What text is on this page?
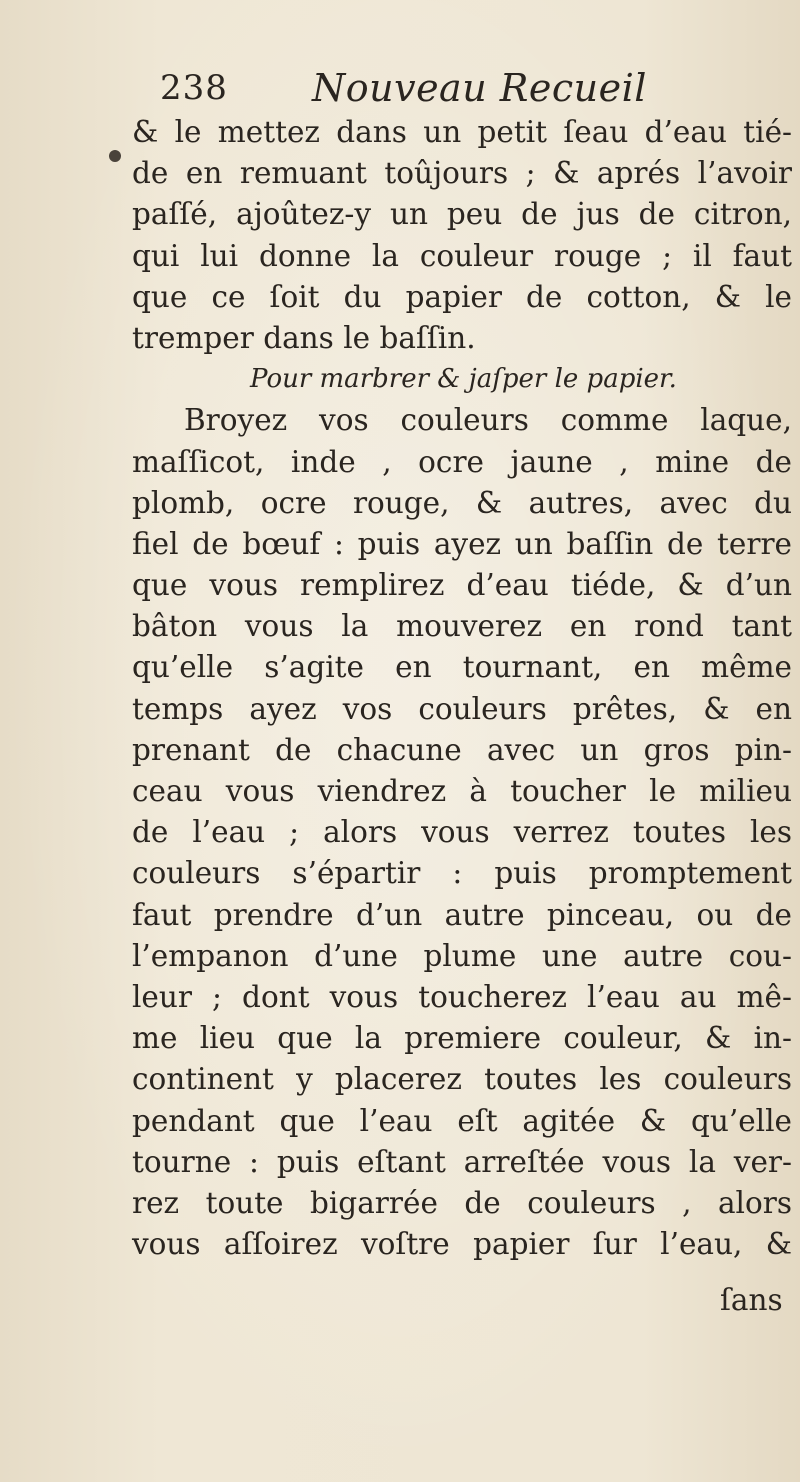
238 Nouveau Recueil
& le mettez dans un petit ſeau d’eau tié-
de en remuant toûjours ; & aprés l’avoir
paſſé, ajoûtez-y un peu de jus de citron,
qui lui donne la couleur rouge ; il faut
que ce ſoit du papier de cotton, & le
tremper dans le baſſin.
Pour marbrer & jaſper le papier.
Broyez vos couleurs comme laque,
maſſicot, inde , ocre jaune , mine de
plomb, ocre rouge, & autres, avec du
fiel de bœuf : puis ayez un baſſin de terre
que vous remplirez d’eau tiéde, & d’un
bâton vous la mouverez en rond tant
qu’elle s’agite en tournant, en même
temps ayez vos couleurs prêtes, & en
prenant de chacune avec un gros pin-
ceau vous viendrez à toucher le milieu
de l’eau ; alors vous verrez toutes les
couleurs s’épartir : puis promptement
faut prendre d’un autre pinceau, ou de
l’empanon d’une plume une autre cou-
leur ; dont vous toucherez l’eau au mê-
me lieu que la premiere couleur, & in-
continent y placerez toutes les couleurs
pendant que l’eau eſt agitée & qu’elle
tourne : puis eſtant arreſtée vous la ver-
rez toute bigarrée de couleurs , alors
vous aſſoirez voſtre papier ſur l’eau, &
ſans
